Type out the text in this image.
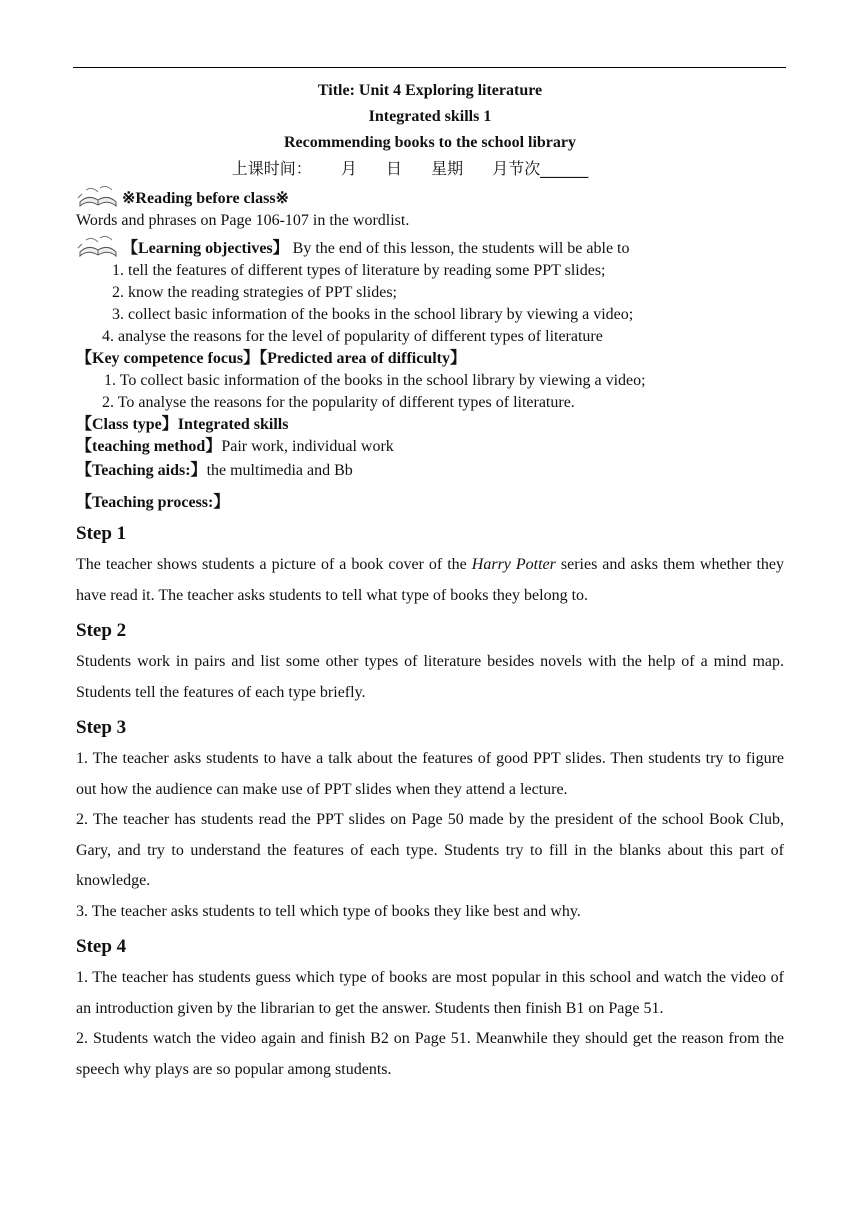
Title: Unit 4 Exploring literature
Integrated skills 1
Recommending books to the school library
上课时间： 月 日 星期 月节次______
※Reading before class※
Words and phrases on Page 106-107 in the wordlist.
【Learning objectives】 By the end of this lesson, the students will be able to
1. tell the features of different types of literature by reading some PPT slides;
2. know the reading strategies of PPT slides;
3. collect basic information of the books in the school library by viewing a video;
4. analyse the reasons for the level of popularity of different types of literature
【Key competence focus】【Predicted area of difficulty】
1. To collect basic information of the books in the school library by viewing a video;
2. To analyse the reasons for the popularity of different types of literature.
【Class type】Integrated skills
【teaching method】Pair work, individual work
【Teaching aids:】the multimedia and Bb
【Teaching process:】
Step 1
The teacher shows students a picture of a book cover of the Harry Potter series and asks them whether they have read it. The teacher asks students to tell what type of books they belong to.
Step 2
Students work in pairs and list some other types of literature besides novels with the help of a mind map. Students tell the features of each type briefly.
Step 3
1. The teacher asks students to have a talk about the features of good PPT slides. Then students try to figure out how the audience can make use of PPT slides when they attend a lecture.
2. The teacher has students read the PPT slides on Page 50 made by the president of the school Book Club, Gary, and try to understand the features of each type. Students try to fill in the blanks about this part of knowledge.
3. The teacher asks students to tell which type of books they like best and why.
Step 4
1. The teacher has students guess which type of books are most popular in this school and watch the video of an introduction given by the librarian to get the answer. Students then finish B1 on Page 51.
2. Students watch the video again and finish B2 on Page 51. Meanwhile they should get the reason from the speech why plays are so popular among students.
